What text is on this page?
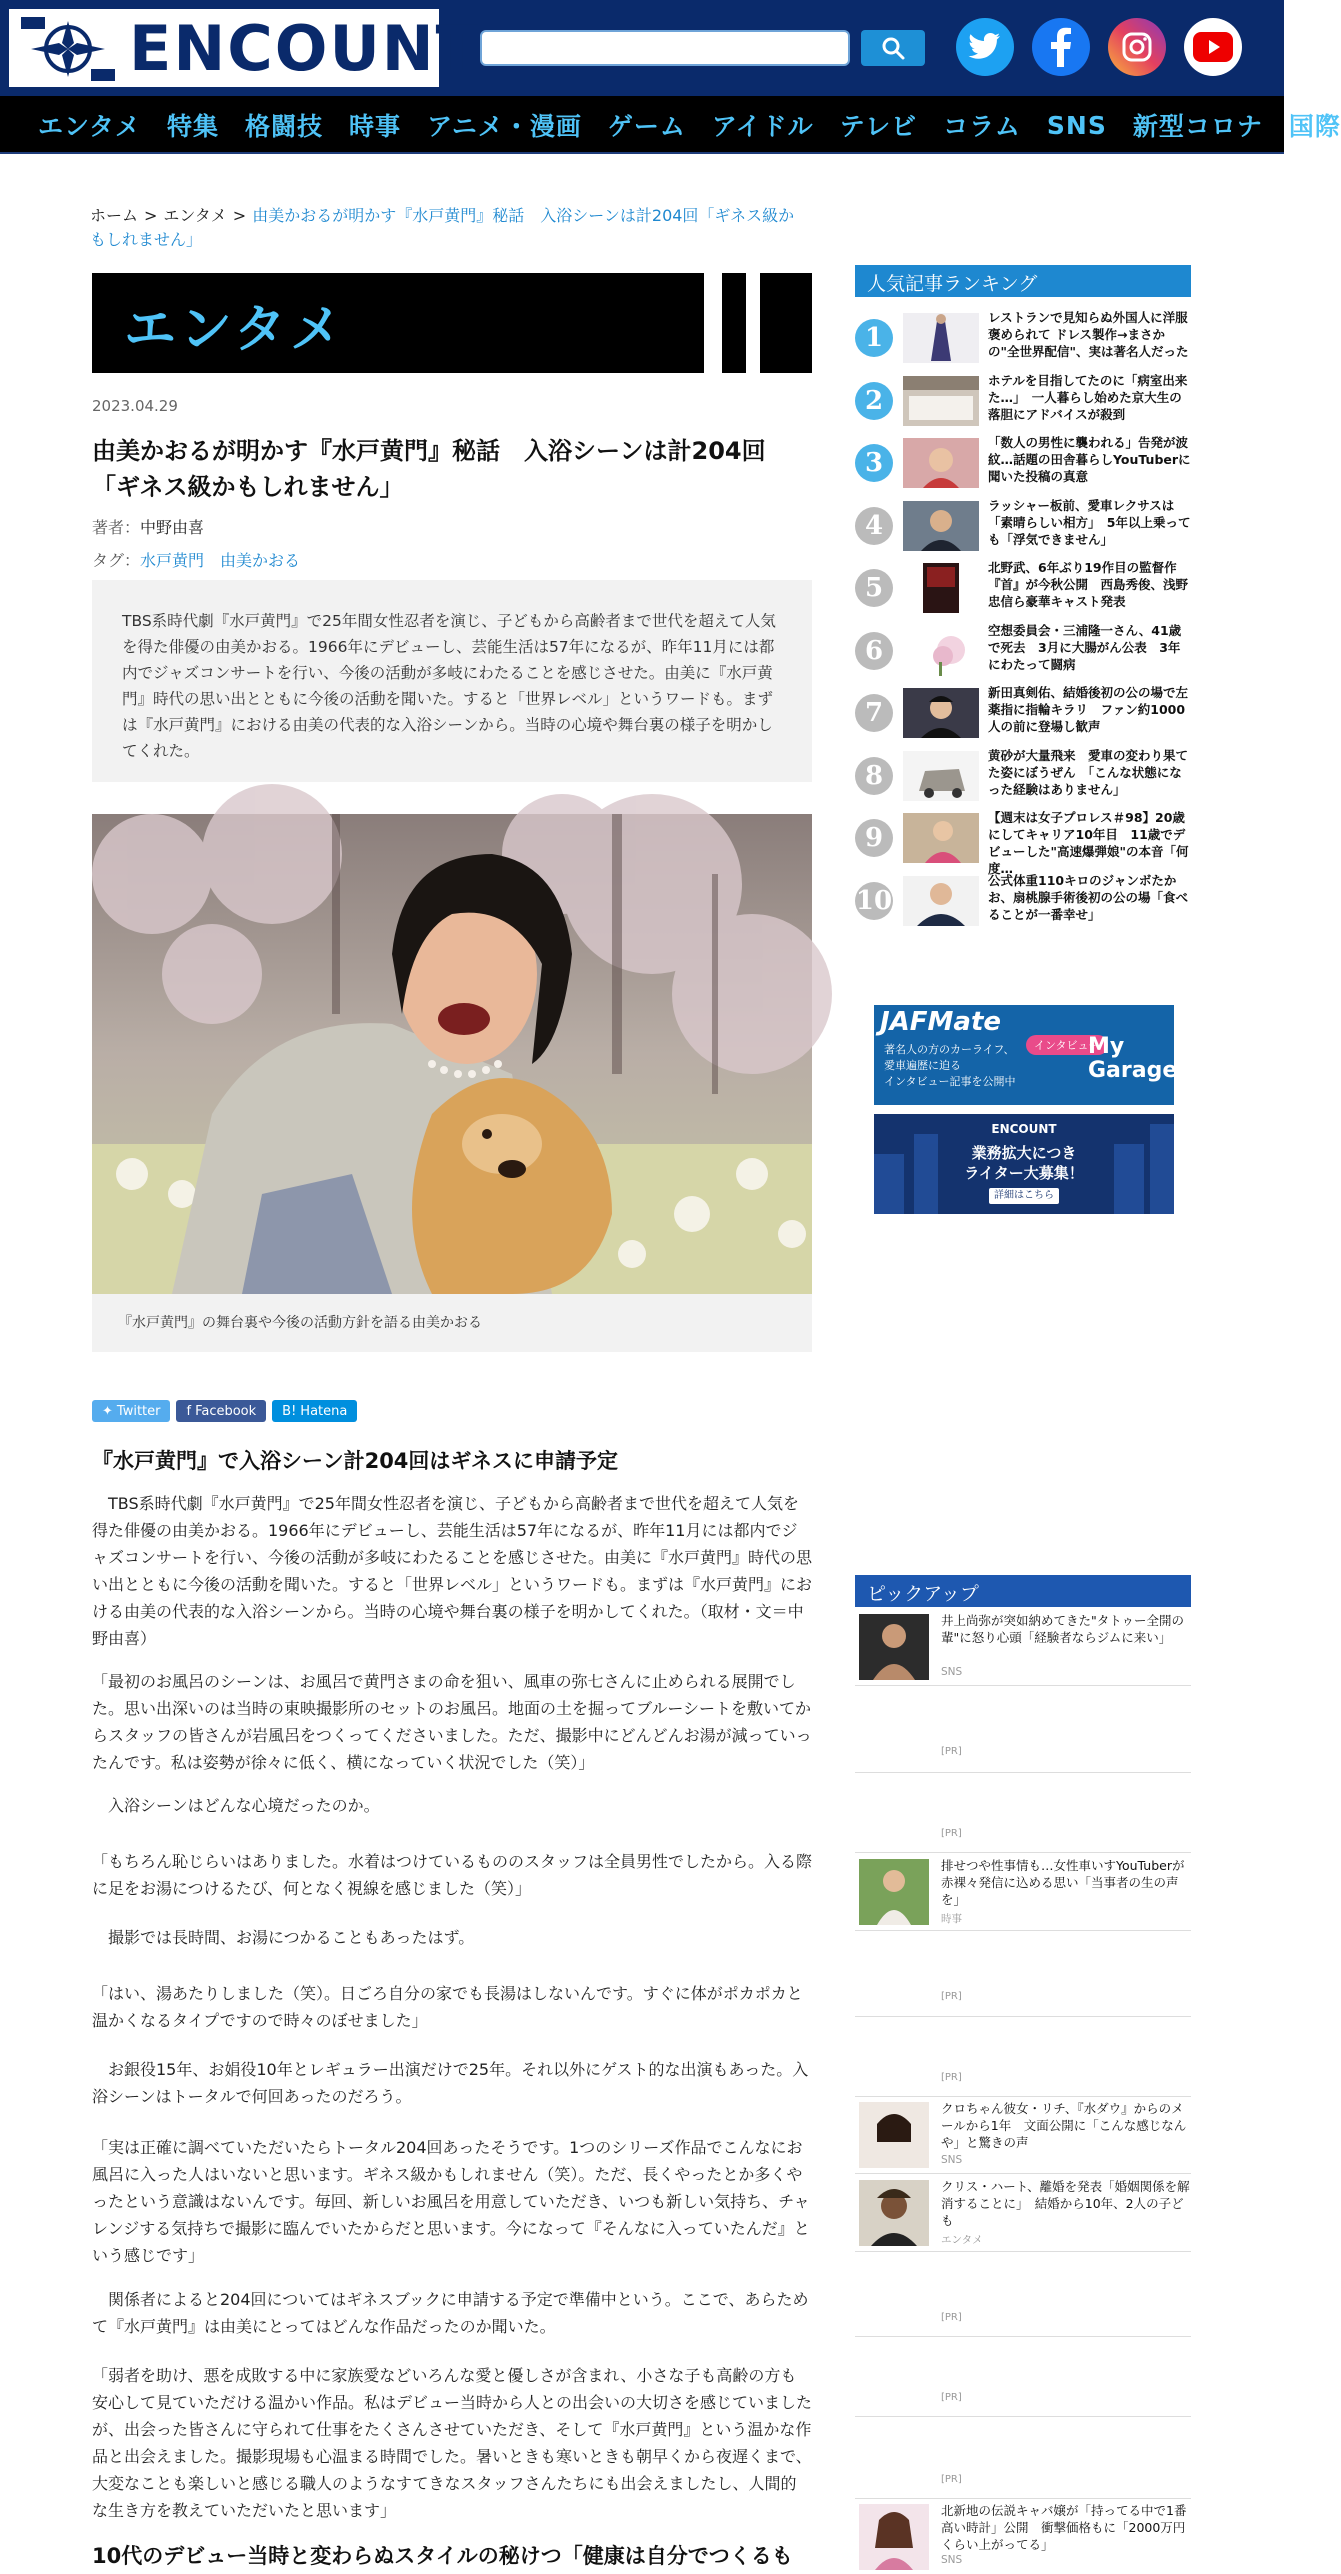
ENCOUNT
エンタメ 特集 格闘技 時事 アニメ・漫画 ゲーム アイドル テレビ コラム SNS 新型コロナ 国際
ホーム > エンタメ > 由美かおるが明かす『水戸黄門』秘話　入浴シーンは計204回「ギネス級かもしれません」
エンタメ
2023.04.29
由美かおるが明かす『水戸黄門』秘話　入浴シーンは計204回
「ギネス級かもしれません」
著者：中野由喜
タグ：水戸黄門 由美かおる
TBS系時代劇『水戸黄門』で25年間女性忍者を演じ、子どもから高齢者まで世代を超えて人気を得た俳優の由美かおる。1966年にデビューし、芸能生活は57年になるが、昨年11月には都内でジャズコンサートを行い、今後の活動が多岐にわたることを感じさせた。由美に『水戸黄門』時代の思い出とともに今後の活動を聞いた。すると「世界レベル」というワードも。まずは『水戸黄門』における由美の代表的な入浴シーンから。当時の心境や舞台裏の様子を明かしてくれた。
『水戸黄門』の舞台裏や今後の活動方針を語る由美かおる
✦ Twitter f Facebook B! Hatena
『水戸黄門』で入浴シーン計204回はギネスに申請予定

　TBS系時代劇『水戸黄門』で25年間女性忍者を演じ、子どもから高齢者まで世代を超えて人気を得た俳優の由美かおる。1966年にデビューし、芸能生活は57年になるが、昨年11月には都内でジャズコンサートを行い、今後の活動が多岐にわたることを感じさせた。由美に『水戸黄門』時代の思い出とともに今後の活動を聞いた。すると「世界レベル」というワードも。まずは『水戸黄門』における由美の代表的な入浴シーンから。当時の心境や舞台裏の様子を明かしてくれた。（取材・文＝中野由喜）

「最初のお風呂のシーンは、お風呂で黄門さまの命を狙い、風車の弥七さんに止められる展開でした。思い出深いのは当時の東映撮影所のセットのお風呂。地面の土を掘ってブルーシートを敷いてからスタッフの皆さんが岩風呂をつくってくださいました。ただ、撮影中にどんどんお湯が減っていったんです。私は姿勢が徐々に低く、横になっていく状況でした（笑）」

　入浴シーンはどんな心境だったのか。

「もちろん恥じらいはありました。水着はつけているもののスタッフは全員男性でしたから。入る際に足をお湯につけるたび、何となく視線を感じました（笑）」

　撮影では長時間、お湯につかることもあったはず。

「はい、湯あたりしました（笑）。日ごろ自分の家でも長湯はしないんです。すぐに体がポカポカと温かくなるタイプですので時々のぼせました」

　お銀役15年、お娟役10年とレギュラー出演だけで25年。それ以外にゲスト的な出演もあった。入浴シーンはトータルで何回あったのだろう。

「実は正確に調べていただいたらトータル204回あったそうです。1つのシリーズ作品でこんなにお風呂に入った人はいないと思います。ギネス級かもしれません（笑）。ただ、長くやったとか多くやったという意識はないんです。毎回、新しいお風呂を用意していただき、いつも新しい気持ち、チャレンジする気持ちで撮影に臨んでいたからだと思います。今になって『そんなに入っていたんだ』という感じです」

　関係者によると204回についてはギネスブックに申請する予定で準備中という。ここで、あらためて『水戸黄門』は由美にとってはどんな作品だったのか聞いた。

「弱者を助け、悪を成敗する中に家族愛などいろんな愛と優しさが含まれ、小さな子も高齢の方も安心して見ていただける温かい作品。私はデビュー当時から人との出会いの大切さを感じていましたが、出会った皆さんに守られて仕事をたくさんさせていただき、そして『水戸黄門』という温かな作品と出会えました。撮影現場も心温まる時間でした。暑いときも寒いときも朝早くから夜遅くまで、大変なことも楽しいと感じる職人のようなすてきなスタッフさんたちにも出会えましたし、人間的な生き方を教えていただいたと思います」

10代のデビュー当時と変わらぬスタイルの秘けつ「健康は自分でつくるも
人気記事ランキング
1
レストランで見知らぬ外国人に洋服褒められて ドレス製作→まさかの"全世界配信"、実は著名人だった
2
ホテルを目指してたのに「病室出来た…」　一人暮らし始めた京大生の落胆にアドバイスが殺到
3
「数人の男性に襲われる」告発が波紋…話題の田舎暮らしYouTuberに聞いた投稿の真意
4
ラッシャー板前、愛車レクサスは「素晴らしい相方」　5年以上乗っても「浮気できません」
5
北野武、6年ぶり19作目の監督作『首』が今秋公開　西島秀俊、浅野忠信ら豪華キャスト発表
6
空想委員会・三浦隆一さん、41歳で死去　3月に大腸がん公表　3年にわたって闘病
7
新田真剣佑、結婚後初の公の場で左薬指に指輪キラリ　ファン約1000人の前に登場し歓声
8
黄砂が大量飛来　愛車の変わり果てた姿にぼうぜん　「こんな状態になった経験はありません」
9
【週末は女子プロレス＃98】20歳にしてキャリア10年目　11歳でデビューした"高速爆弾娘"の本音「何度…
10
公式体重110キロのジャンボたかお、扇桃腺手術後初の公の場「食べることが一番幸せ」
JAFMate
著名人の方のカーライフ、
愛車遍歴に迫る
インタビュー記事を公開中
インタビュー
My Garage
ENCOUNT
業務拡大につき
ライター大募集！
詳細はこちら
ピックアップ
井上尚弥が突如納めてきた"タトゥー全開の輩"に怒り心頭「経験者ならジムに来い」
SNS
[PR]
[PR]
排せつや性事情も…女性車いすYouTuberが赤裸々発信に込める思い「当事者の生の声を」
時事
[PR]
[PR]
クロちゃん彼女・リチ、『水ダウ』からのメールから1年　文面公開に「こんな感じなんや」と驚きの声
SNS
クリス・ハート、離婚を発表「婚姻関係を解消することに」　結婚から10年、2人の子ども
エンタメ
[PR]
[PR]
[PR]
北新地の伝説キャバ嬢が「持ってる中で1番高い時計」公開　衝撃価格もに「2000万円くらい上がってる」
SNS
